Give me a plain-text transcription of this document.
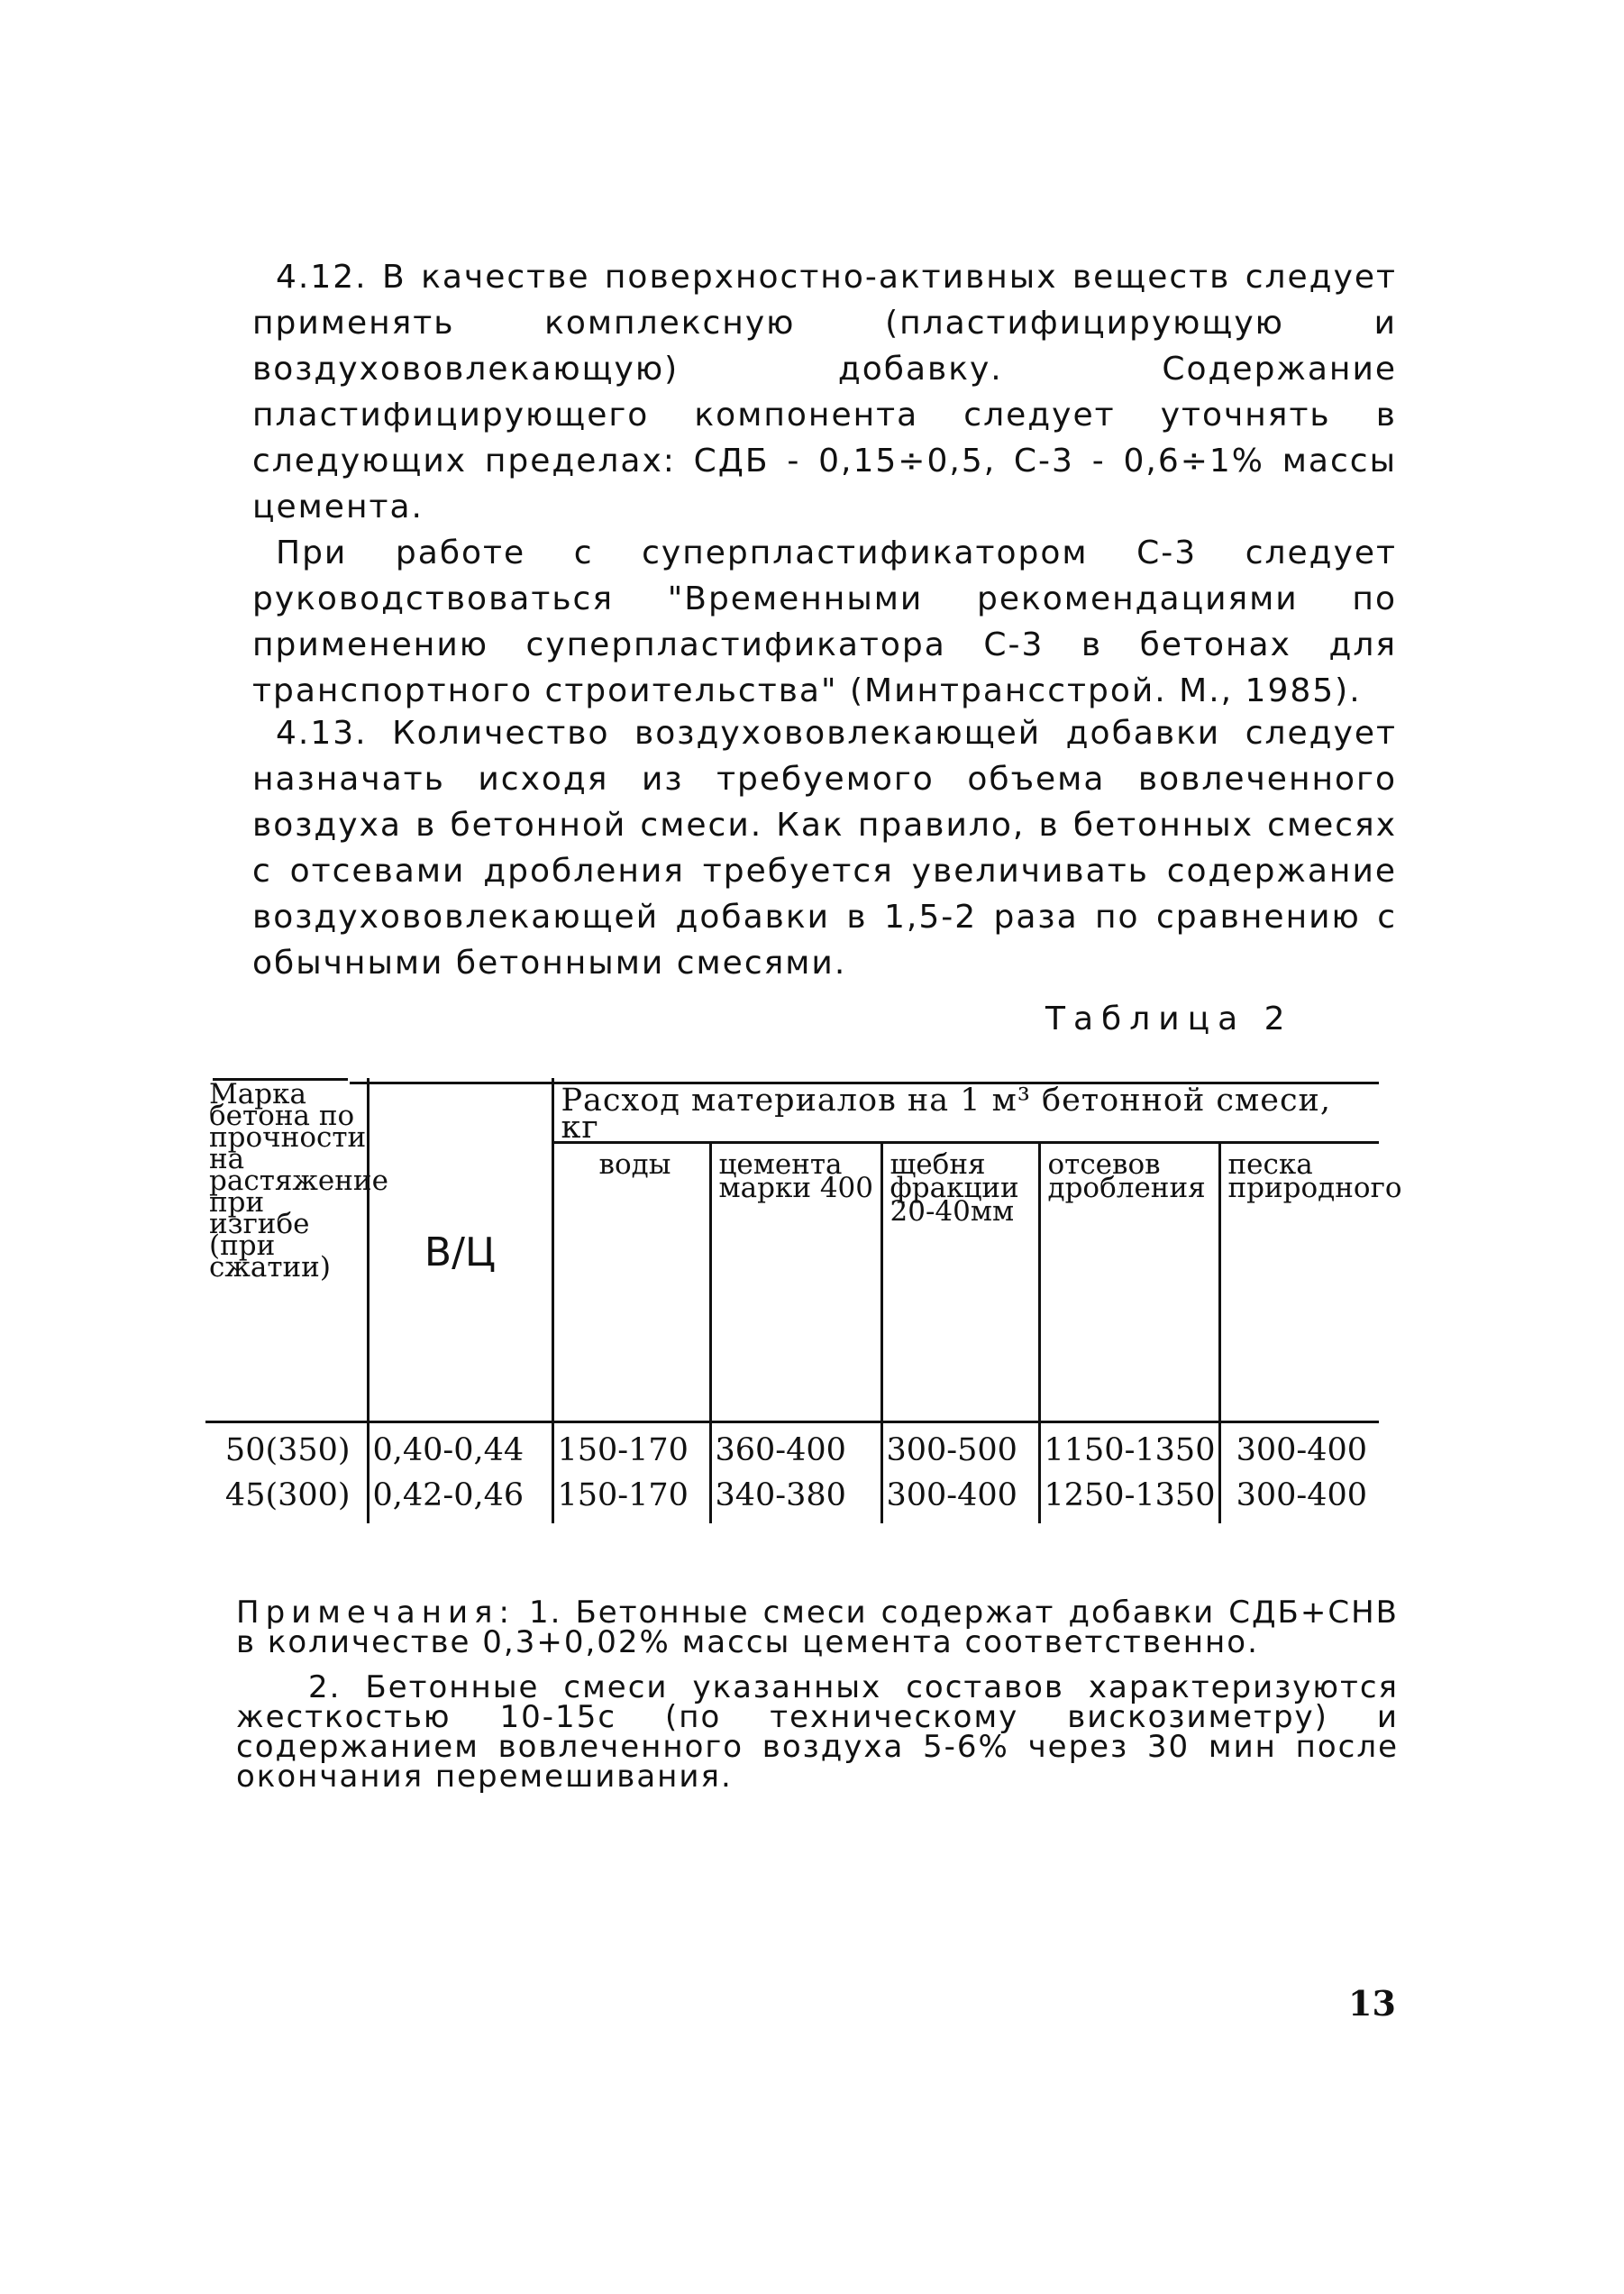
4.12. В качестве поверхностно-активных веществ следует применять комплексную (пластифицирующую и воздухововлекающую) добавку. Содержание пластифицирующего компонента следует уточнять в следующих пределах: СДБ - 0,15÷0,5, С-3 - 0,6÷1% массы цемента.

При работе с суперпластификатором С-3 следует руководствоваться "Временными рекомендациями по применению суперпластификатора С-3 в бетонах для транспортного строительства" (Минтрансстрой. М., 1985).

4.13. Количество воздухововлекающей добавки следует назначать исходя из требуемого объема вовлеченного воздуха в бетонной смеси. Как правило, в бетонных смесях с отсевами дробления требуется увеличивать содержание воздухововлекающей добавки в 1,5-2 раза по сравнению с обычными бетонными смесями.

Таблица 2
Марка бетона по прочности на растяжение при изгибе (при сжатии)	В/Ц	Расход материалов на 1 м³ бетонной смеси, кг				
		воды	цемента марки 400	щебня фракции 20-40мм	отсевов дробления	песка природного
50(350)	0,40-0,44	150-170	360-400	300-500	1150-1350	300-400
45(300)	0,42-0,46	150-170	340-380	300-400	1250-1350	300-400

Примечания: 1. Бетонные смеси содержат добавки СДБ+СНВ в количестве 0,3+0,02% массы цемента соответственно.

2. Бетонные смеси указанных составов характеризуются жесткостью 10-15с (по техническому вискозиметру) и содержанием вовлеченного воздуха 5-6% через 30 мин после окончания перемешивания.

13
